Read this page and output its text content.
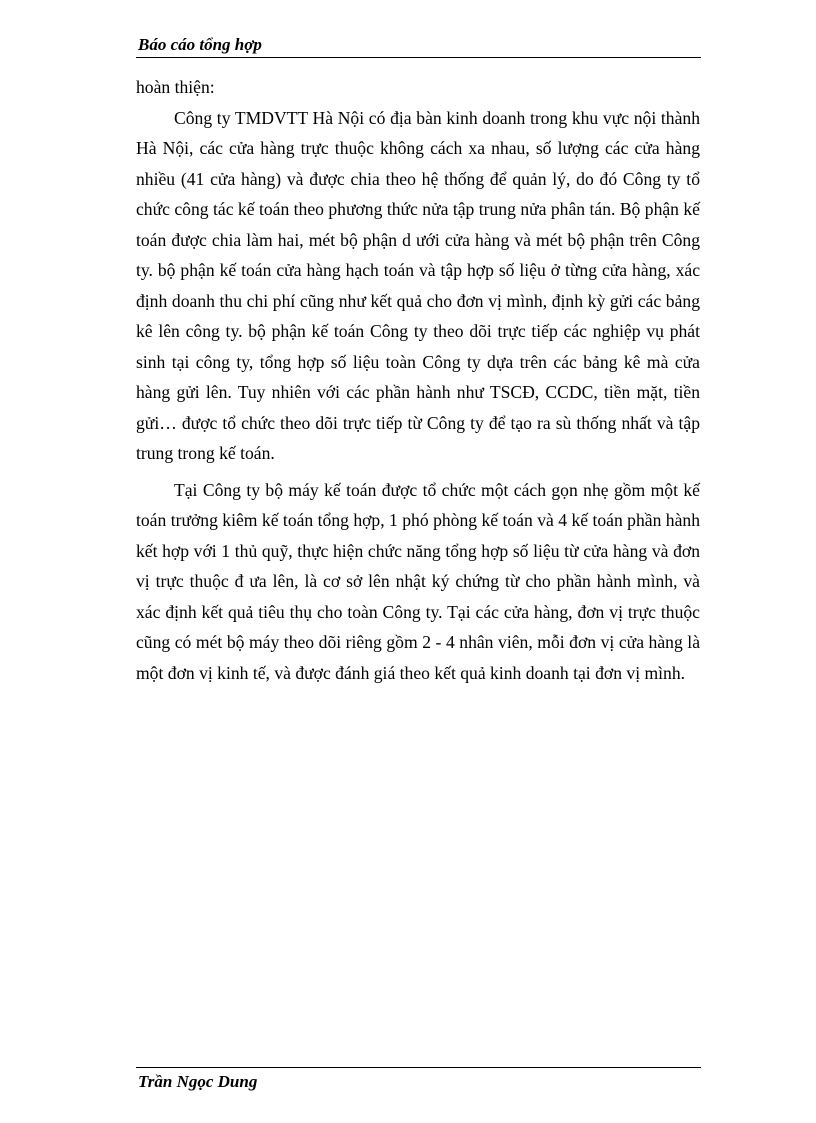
Báo cáo tổng hợp

hoàn thiện:

Công ty TMDVTT Hà Nội có địa bàn kinh doanh trong khu vực nội thành Hà Nội, các cửa hàng trực thuộc không cách xa nhau, số lượng các cửa hàng nhiều (41 cửa hàng) và được chia theo hệ thống để quản lý, do đó Công ty tổ chức công tác kế toán theo phương thức nửa tập trung nửa phân tán. Bộ phận kế toán được chia làm hai, mét bộ phận d ưới cửa hàng và mét bộ phận trên Công ty. bộ phận kế toán cửa hàng hạch toán và tập hợp số liệu ở từng cửa hàng, xác định doanh thu chi phí cũng như kết quả cho đơn vị mình, định kỳ gửi các bảng kê lên công ty. bộ phận kế toán Công ty theo dõi trực tiếp các nghiệp vụ phát sinh tại công ty, tổng hợp số liệu toàn Công ty dựa trên các bảng kê mà cửa hàng gửi lên. Tuy nhiên với các phần hành như TSCĐ, CCDC, tiền mặt, tiền gửi… được tổ chức theo dõi trực tiếp từ Công ty để tạo ra sù thống nhất và tập trung trong kế toán.

Tại Công ty bộ máy kế toán được tổ chức một cách gọn nhẹ gồm một kế toán trưởng kiêm kế toán tổng hợp, 1 phó phòng kế toán và 4 kế toán phần hành kết hợp với 1 thủ quỹ, thực hiện chức năng tổng hợp số liệu từ cửa hàng và đơn vị trực thuộc đ ưa lên, là cơ sở lên nhật ký chứng từ cho phần hành mình, và xác định kết quả tiêu thụ cho toàn Công ty. Tại các cửa hàng, đơn vị trực thuộc cũng có mét bộ máy theo dõi riêng gồm 2 - 4 nhân viên, mỗi đơn vị cửa hàng là một đơn vị kinh tế, và được đánh giá theo kết quả kinh doanh tại đơn vị mình.

Trần Ngọc Dung
